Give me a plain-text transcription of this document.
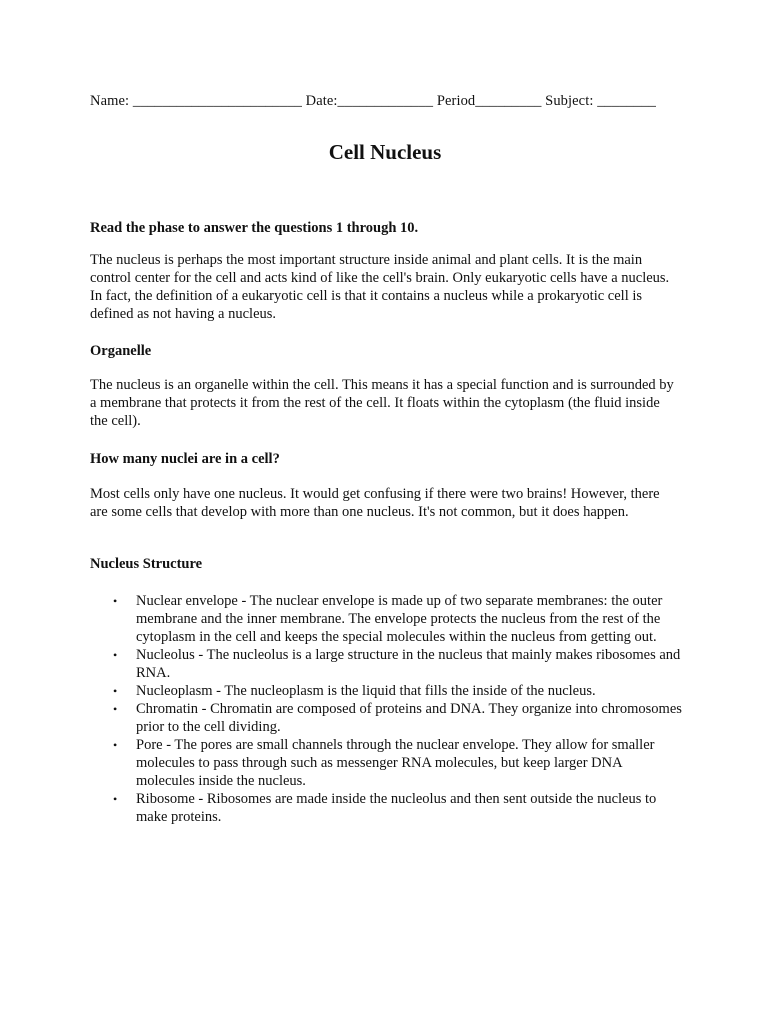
Name: _______________________ Date:_____________ Period_________ Subject: ________
Cell Nucleus
Read the phase to answer the questions 1 through 10.
The nucleus is perhaps the most important structure inside animal and plant cells. It is the main control center for the cell and acts kind of like the cell's brain. Only eukaryotic cells have a nucleus. In fact, the definition of a eukaryotic cell is that it contains a nucleus while a prokaryotic cell is defined as not having a nucleus.
Organelle
The nucleus is an organelle within the cell. This means it has a special function and is surrounded by a membrane that protects it from the rest of the cell. It floats within the cytoplasm (the fluid inside the cell).
How many nuclei are in a cell?
Most cells only have one nucleus. It would get confusing if there were two brains! However, there are some cells that develop with more than one nucleus. It's not common, but it does happen.
Nucleus Structure
• Nuclear envelope - The nuclear envelope is made up of two separate membranes: the outer membrane and the inner membrane. The envelope protects the nucleus from the rest of the cytoplasm in the cell and keeps the special molecules within the nucleus from getting out.
• Nucleolus - The nucleolus is a large structure in the nucleus that mainly makes ribosomes and RNA.
• Nucleoplasm - The nucleoplasm is the liquid that fills the inside of the nucleus.
• Chromatin - Chromatin are composed of proteins and DNA. They organize into chromosomes prior to the cell dividing.
• Pore - The pores are small channels through the nuclear envelope. They allow for smaller molecules to pass through such as messenger RNA molecules, but keep larger DNA molecules inside the nucleus.
• Ribosome - Ribosomes are made inside the nucleolus and then sent outside the nucleus to make proteins.
